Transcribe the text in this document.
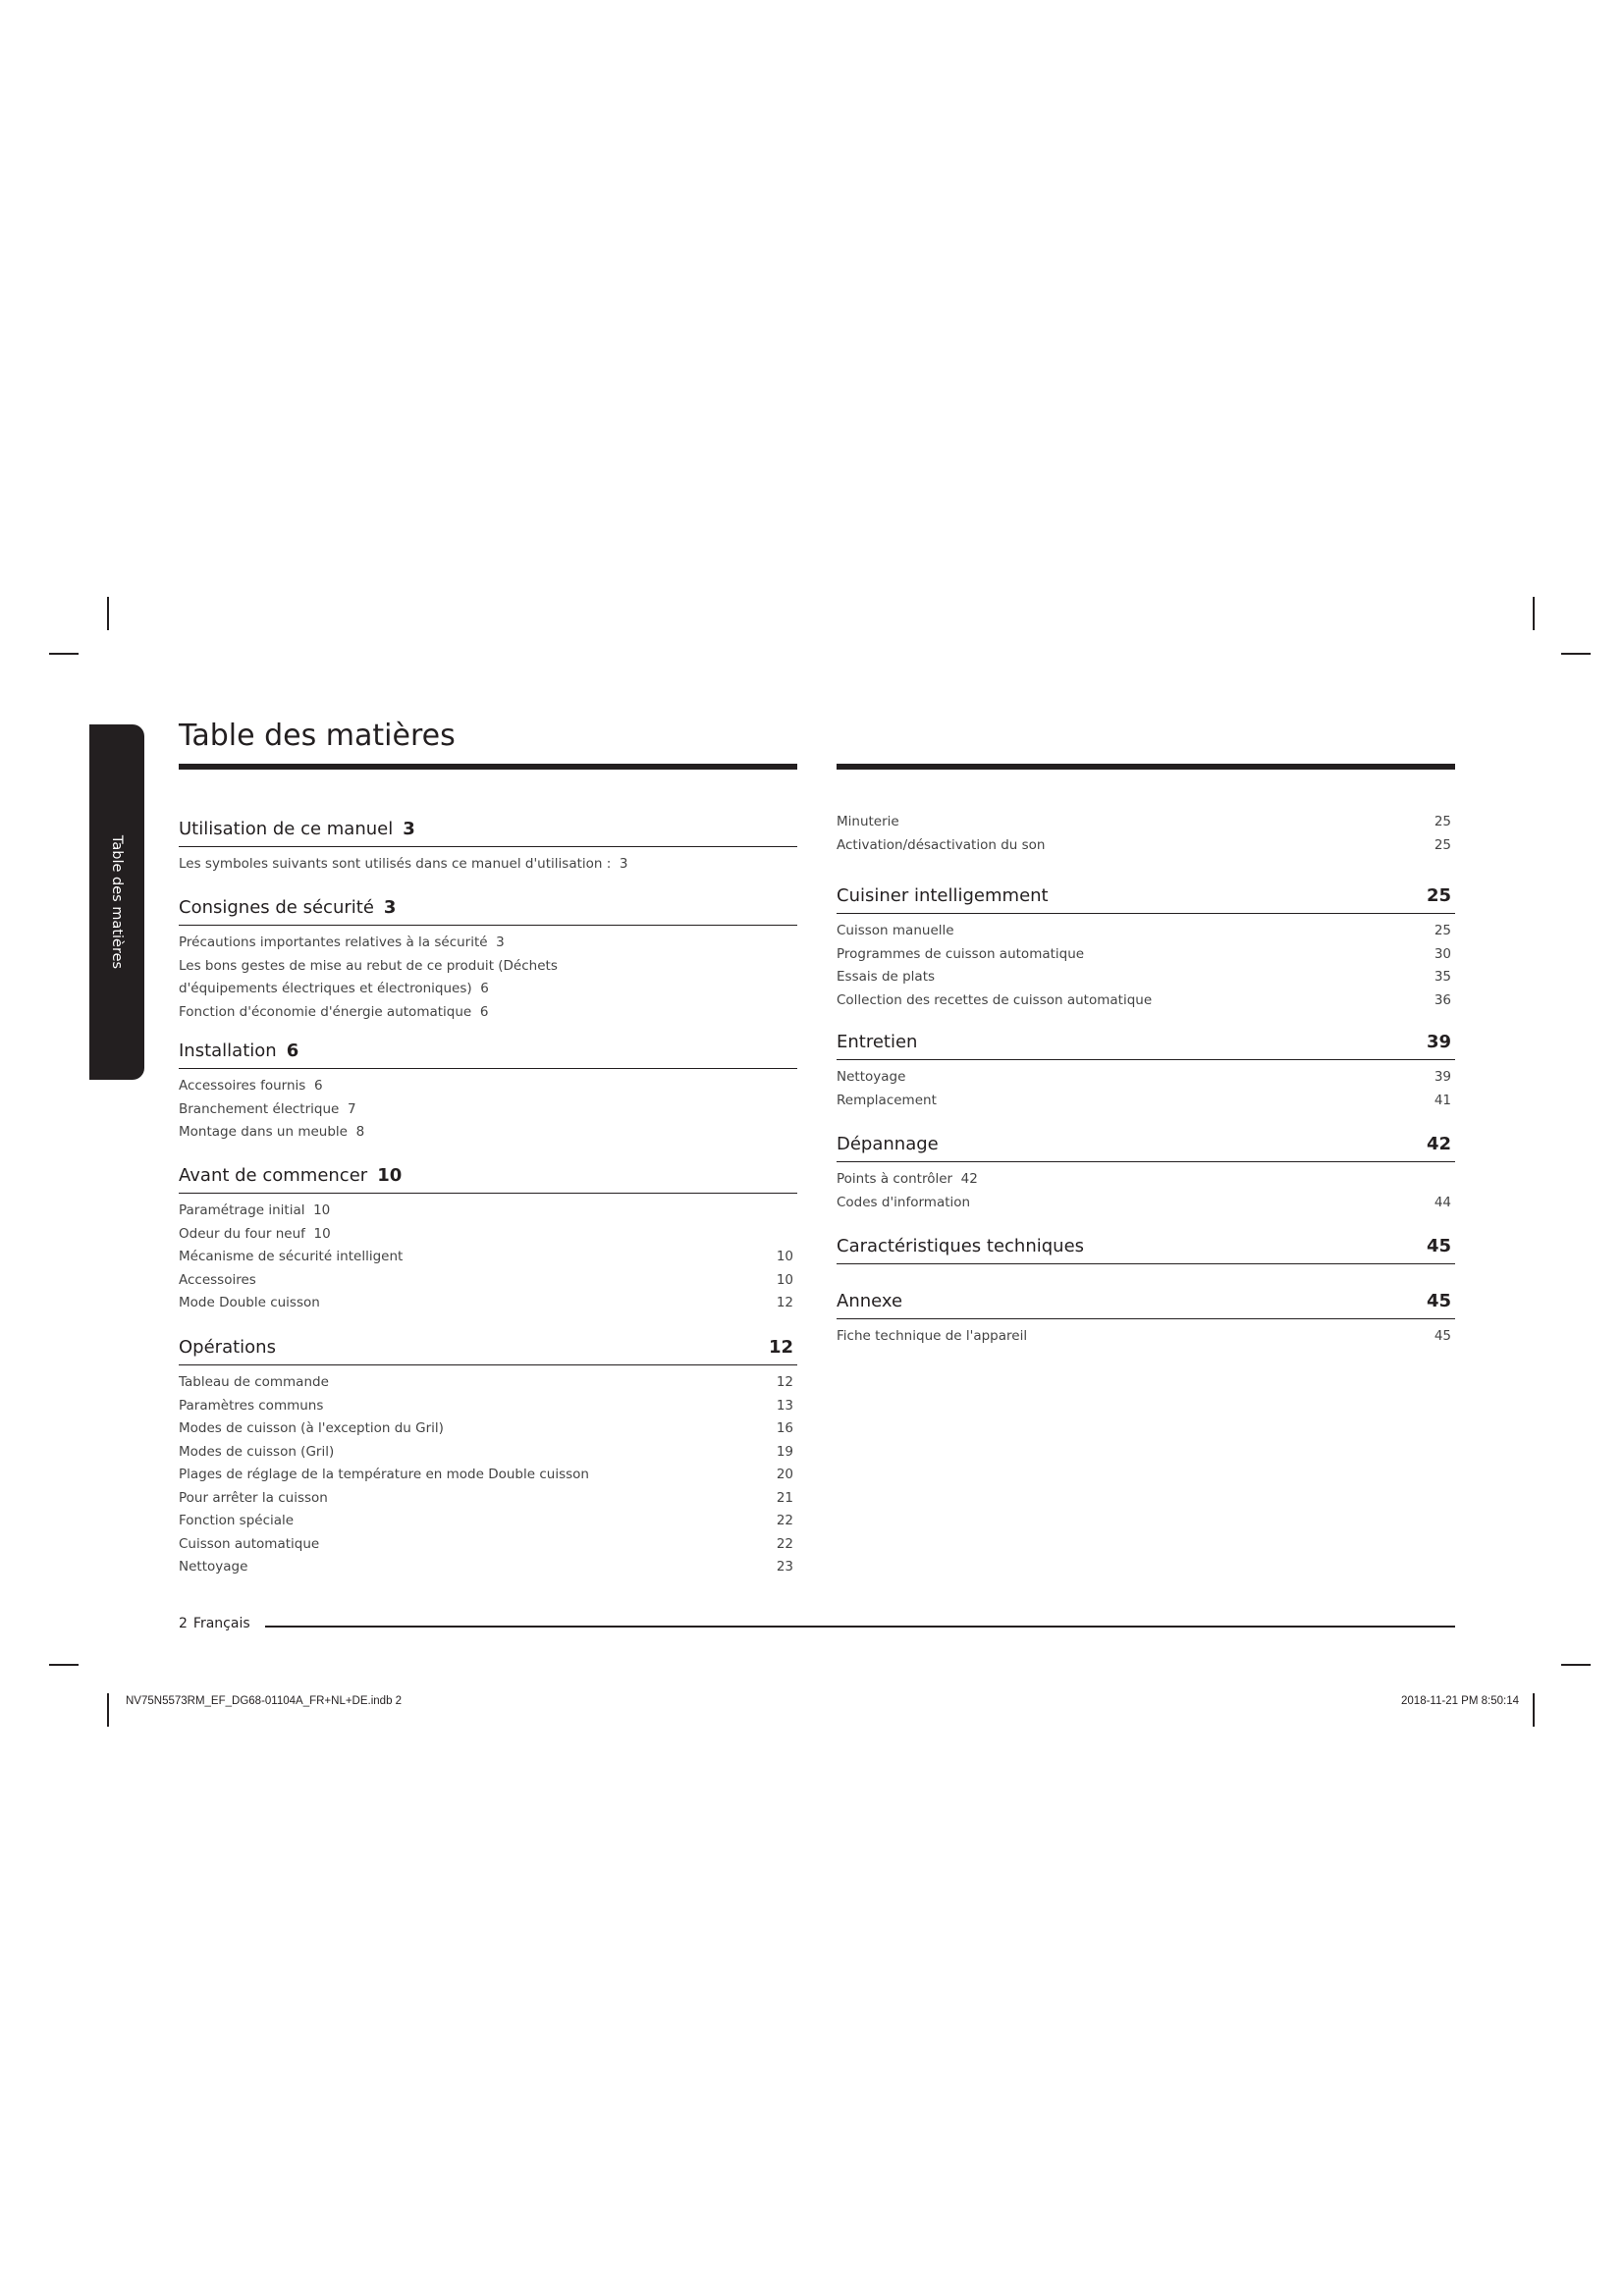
Table des matières
Table des matières
Utilisation de ce manuel 3
Les symboles suivants sont utilisés dans ce manuel d'utilisation : 3
Consignes de sécurité 3
Précautions importantes relatives à la sécurité 3
Les bons gestes de mise au rebut de ce produit (Déchets d'équipements électriques et électroniques) 6
Fonction d'économie d'énergie automatique 6
Installation 6
Accessoires fournis 6
Branchement électrique 7
Montage dans un meuble 8
Avant de commencer 10
Paramétrage initial 10
Odeur du four neuf 10
Mécanisme de sécurité intelligent	10
Accessoires	10
Mode Double cuisson	12
Opérations	12
Tableau de commande	12
Paramètres communs	13
Modes de cuisson (à l'exception du Gril)	16
Modes de cuisson (Gril)	19
Plages de réglage de la température en mode Double cuisson	20
Pour arrêter la cuisson	21
Fonction spéciale	22
Cuisson automatique	22
Nettoyage	23
Minuterie	25
Activation/désactivation du son	25
Cuisiner intelligemment	25
Cuisson manuelle	25
Programmes de cuisson automatique	30
Essais de plats	35
Collection des recettes de cuisson automatique	36
Entretien	39
Nettoyage	39
Remplacement	41
Dépannage	42
Points à contrôler 42
Codes d'information	44
Caractéristiques techniques	45
Annexe	45
Fiche technique de l'appareil	45
2 Français
NV75N5573RM_EF_DG68-01104A_FR+NL+DE.indb 2	2018-11-21 PM 8:50:14
